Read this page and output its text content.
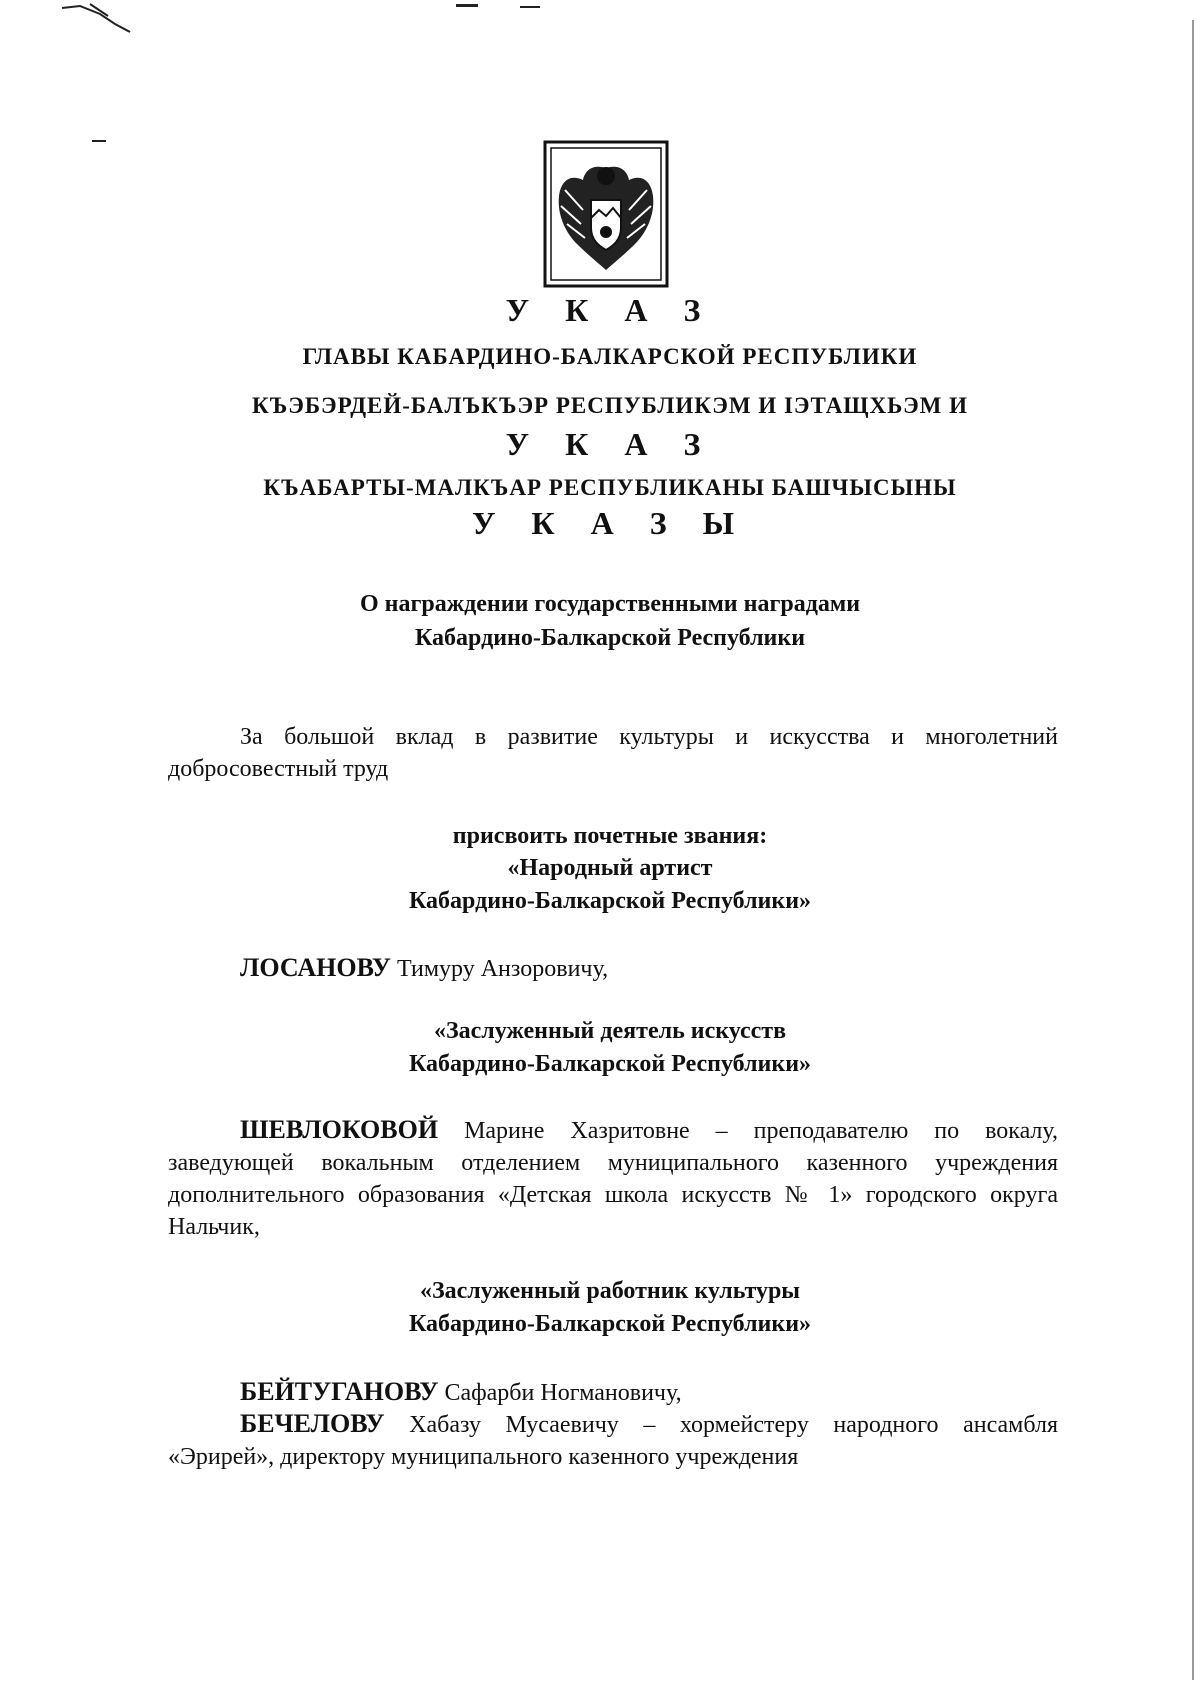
У К А З
ГЛАВЫ КАБАРДИНО-БАЛКАРСКОЙ РЕСПУБЛИКИ
КЪЭБЭРДЕЙ-БАЛЪКЪЭР РЕСПУБЛИКЭМ И ІЭТАЩХЬЭМ И
У К А З
КЪАБАРТЫ-МАЛКЪАР РЕСПУБЛИКАНЫ БАШЧЫСЫНЫ
У К А З Ы
О награждении государственными наградами
Кабардино-Балкарской Республики
За большой вклад в развитие культуры и искусства и многолетний добросовестный труд
присвоить почетные звания:
«Народный артист
Кабардино-Балкарской Республики»
ЛОСАНОВУ Тимуру Анзоровичу,
«Заслуженный деятель искусств
Кабардино-Балкарской Республики»
ШЕВЛОКОВОЙ Марине Хазритовне – преподавателю по вокалу, заведующей вокальным отделением муниципального казенного учреждения дополнительного образования «Детская школа искусств № 1» городского округа Нальчик,
«Заслуженный работник культуры
Кабардино-Балкарской Республики»
БЕЙТУГАНОВУ Сафарби Ногмановичу,
БЕЧЕЛОВУ Хабазу Мусаевичу – хормейстеру народного ансамбля «Эрирей», директору муниципального казенного учреждения
